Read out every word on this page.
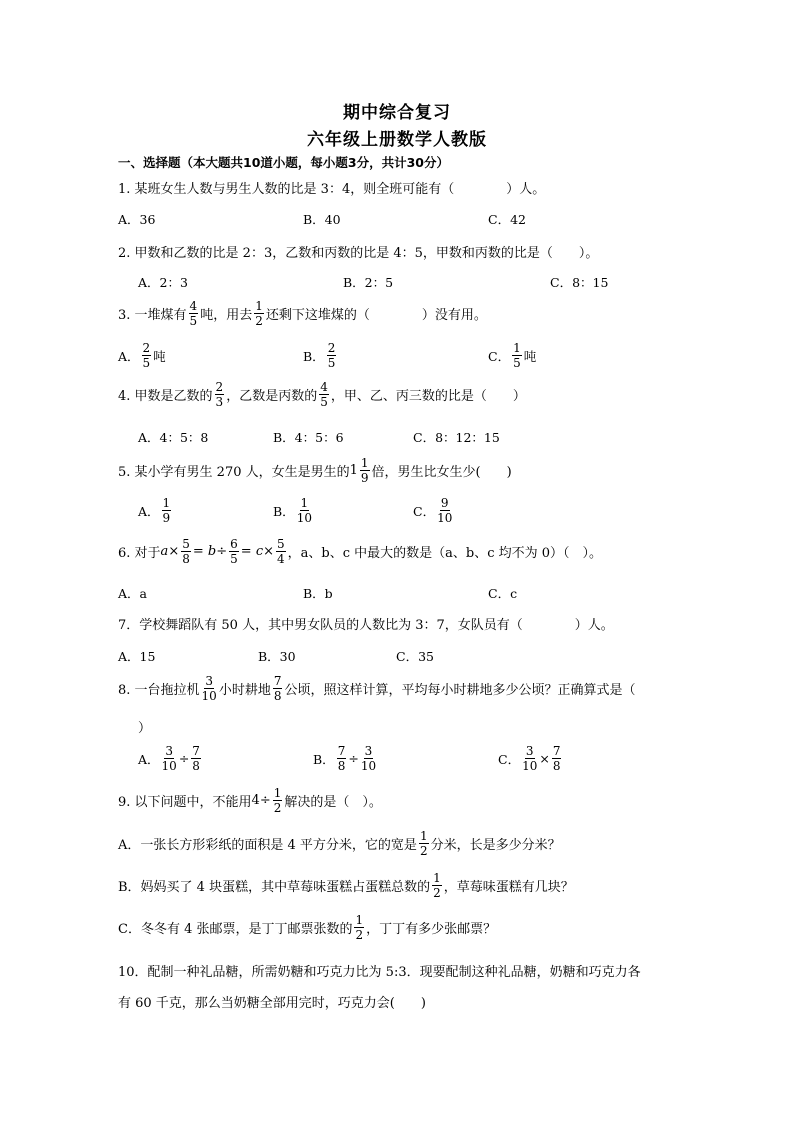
期中综合复习
六年级上册数学人教版
一、选择题（本大题共10道小题，每小题3分，共计30分）
1. 某班女生人数与男生人数的比是 3：4，则全班可能有（　　　　）人。
A．36	B．40	C．42
2. 甲数和乙数的比是 2：3，乙数和丙数的比是 4：5，甲数和丙数的比是（　　）。
A．2：3	B．2：5	C．8：15
3. 一堆煤有 $\frac{4}{5}$ 吨，用去 $\frac{1}{2}$ 还剩下这堆煤的（　　　　）没有用。
A． $\frac{2}{5}$ 吨	B． $\frac{2}{5}$	C． $\frac{1}{5}$ 吨
4. 甲数是乙数的 $\frac{2}{3}$ ，乙数是丙数的 $\frac{4}{5}$ ，甲、乙、丙三数的比是（　　）
A．4：5：8	B．4：5：6	C．8：12：15
5. 某小学有男生 270 人，女生是男生的 $1 \frac{1}{9}$ 倍，男生比女生少(　　)
A． $\frac{1}{9}$	B． $\frac{1}{10}$	C． $\frac{9}{10}$
6. 对于 $a \times \frac{5}{8}$ =
$b \div \frac{6}{5}$ =
$c \times \frac{5}{4}$ ，a、b、c 中最大的数是（a、b、c 均不为 0）（　）。
A．a	B．b	C．c
7．学校舞蹈队有 50 人，其中男女队员的人数比为 3：7，女队员有（　　　　）人。
A．15	B．30	C．35
8. 一台拖拉机 $\frac{3}{10}$ 小时耕地 $\frac{7}{8}$ 公顷，照这样计算，平均每小时耕地多少公顷？正确算式是（
）
A． $\frac{3}{10} \div \frac{7}{8}$	B． $\frac{7}{8} \div \frac{3}{10}$	C． $\frac{3}{10} \times \frac{7}{8}$
9. 以下问题中，不能用 $4\div \frac{1}{2}$ 解决的是（　）。
A．一张长方形彩纸的面积是 4 平方分米，它的宽是 $\frac{1}{2}$ 分米，长是多少分米？
B．妈妈买了 4 块蛋糕，其中草莓味蛋糕占蛋糕总数的 $\frac{1}{2}$ ，草莓味蛋糕有几块？
C．冬冬有 4 张邮票，是丁丁邮票张数的 $\frac{1}{2}$ ，丁丁有多少张邮票？
10．配制一种礼品糖，所需奶糖和巧克力比为 5:3．现要配制这种礼品糖，奶糖和巧克力各
有 60 千克，那么当奶糖全部用完时，巧克力会(　　)
